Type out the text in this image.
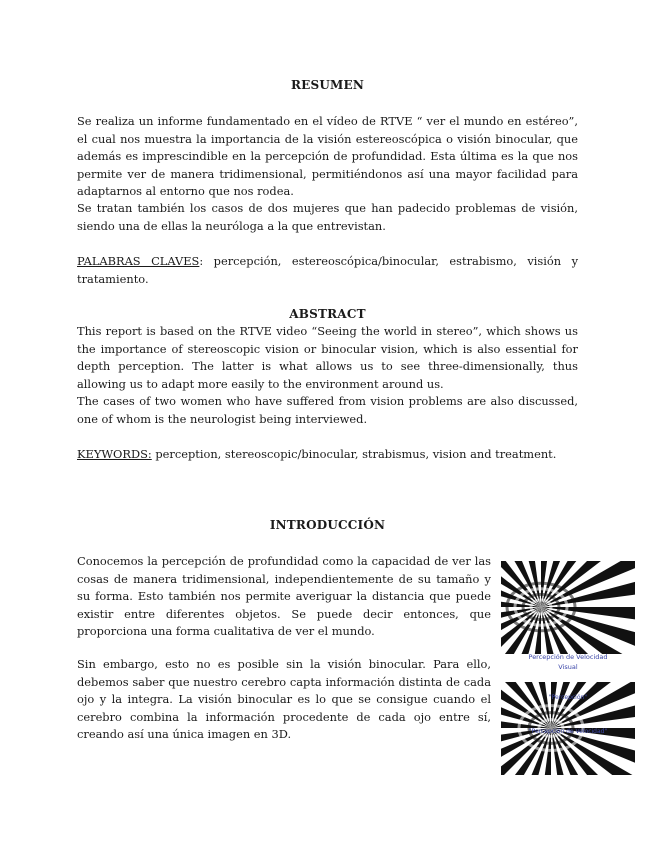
RESUMEN

Se realiza un informe fundamentado en el vídeo de RTVE “ ver el mundo en estéreo”, el cual nos muestra la importancia de la visión estereoscópica o visión binocular, que además es imprescindible en la percepción de profundidad. Esta última es la que nos permite ver de manera tridimensional, permitiéndonos así una mayor facilidad para adaptarnos al entorno que nos rodea.

Se tratan también los casos de dos mujeres que han padecido problemas de visión, siendo una de ellas la neuróloga a la que entrevistan.

PALABRAS CLAVES: percepción, estereoscópica/binocular, estrabismo, visión y tratamiento.

ABSTRACT

This report is based on the RTVE video “Seeing the world in stereo”, which shows us the importance of stereoscopic vision or binocular vision, which is also essential for depth perception. The latter is what allows us to see three-dimensionally, thus allowing us to adapt more easily to the environment around us.

The cases of two women who have suffered from vision problems are also discussed, one of whom is the neurologist being interviewed.

KEYWORDS: perception, stereoscopic/binocular, strabismus, vision and treatment.

INTRODUCCIÓN

Conocemos la percepción de profundidad como la capacidad de ver las cosas de manera tridimensional, independientemente de su tamaño y su forma. Esto también nos permite averiguar la distancia que puede existir entre diferentes objetos. Se puede decir entonces, que proporciona una forma cualitativa de ver el mundo.

Sin embargo, esto no es posible sin la visión binocular. Para ello, debemos saber que nuestro cerebro capta información distinta de cada ojo y la integra. La visión binocular es lo que se consigue cuando el cerebro combina la información procedente de cada ojo entre sí, creando así una única imagen en 3D.

Percepción de Velocidad
Visual
"Percepción"
"Percepción de Velocidad"
